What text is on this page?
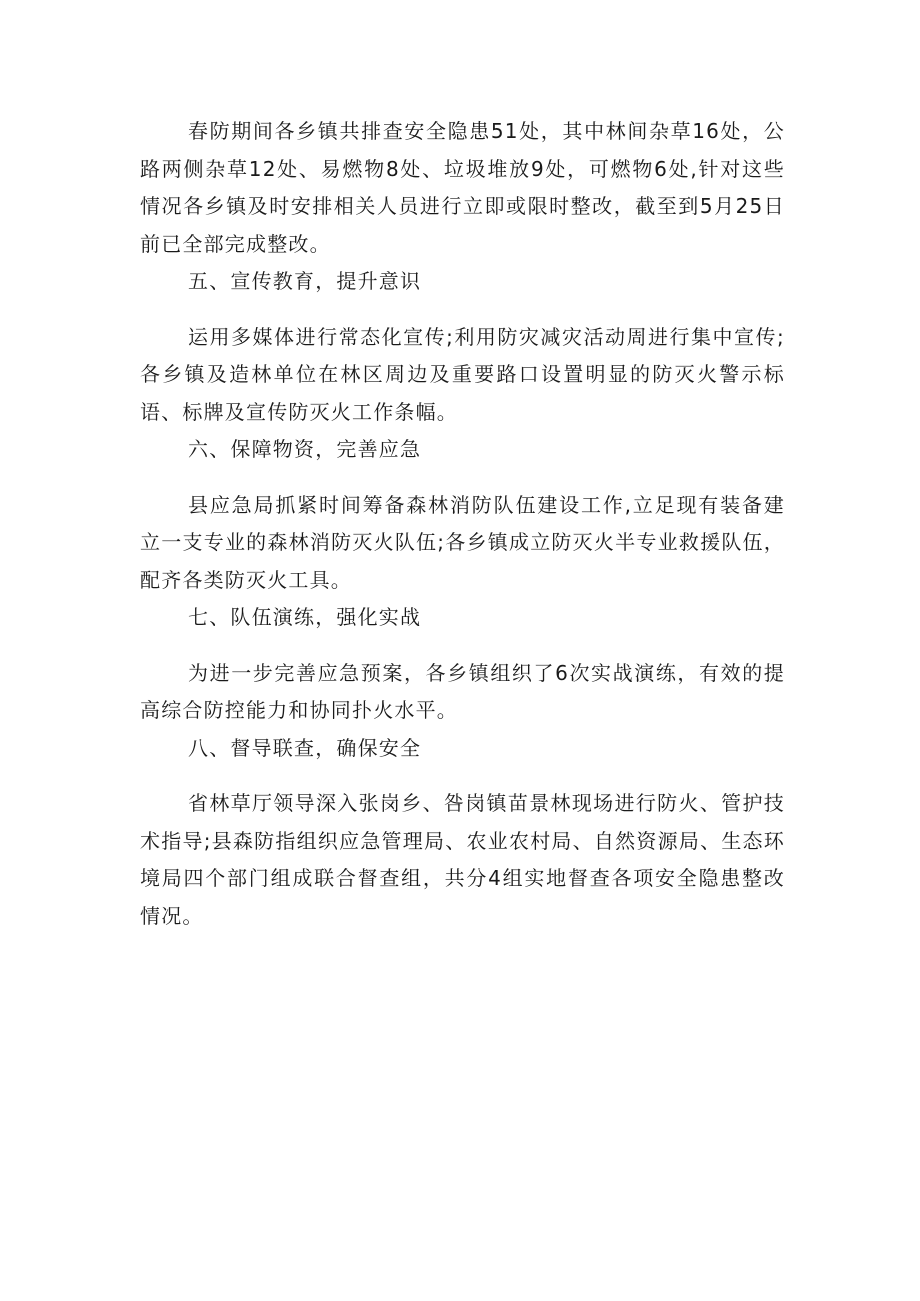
春防期间各乡镇共排查安全隐患51处，其中林间杂草16处，公路两侧杂草12处、易燃物8处、垃圾堆放9处，可燃物6处,针对这些情况各乡镇及时安排相关人员进行立即或限时整改，截至到5月25日前已全部完成整改。

五、宣传教育，提升意识

运用多媒体进行常态化宣传;利用防灾减灾活动周进行集中宣传;各乡镇及造林单位在林区周边及重要路口设置明显的防灭火警示标语、标牌及宣传防灭火工作条幅。

六、保障物资，完善应急

县应急局抓紧时间筹备森林消防队伍建设工作,立足现有装备建立一支专业的森林消防灭火队伍;各乡镇成立防灭火半专业救援队伍，配齐各类防灭火工具。

七、队伍演练，强化实战

为进一步完善应急预案，各乡镇组织了6次实战演练，有效的提高综合防控能力和协同扑火水平。

八、督导联查，确保安全

省林草厅领导深入张岗乡、咎岗镇苗景林现场进行防火、管护技术指导;县森防指组织应急管理局、农业农村局、自然资源局、生态环境局四个部门组成联合督查组，共分4组实地督查各项安全隐患整改情况。
